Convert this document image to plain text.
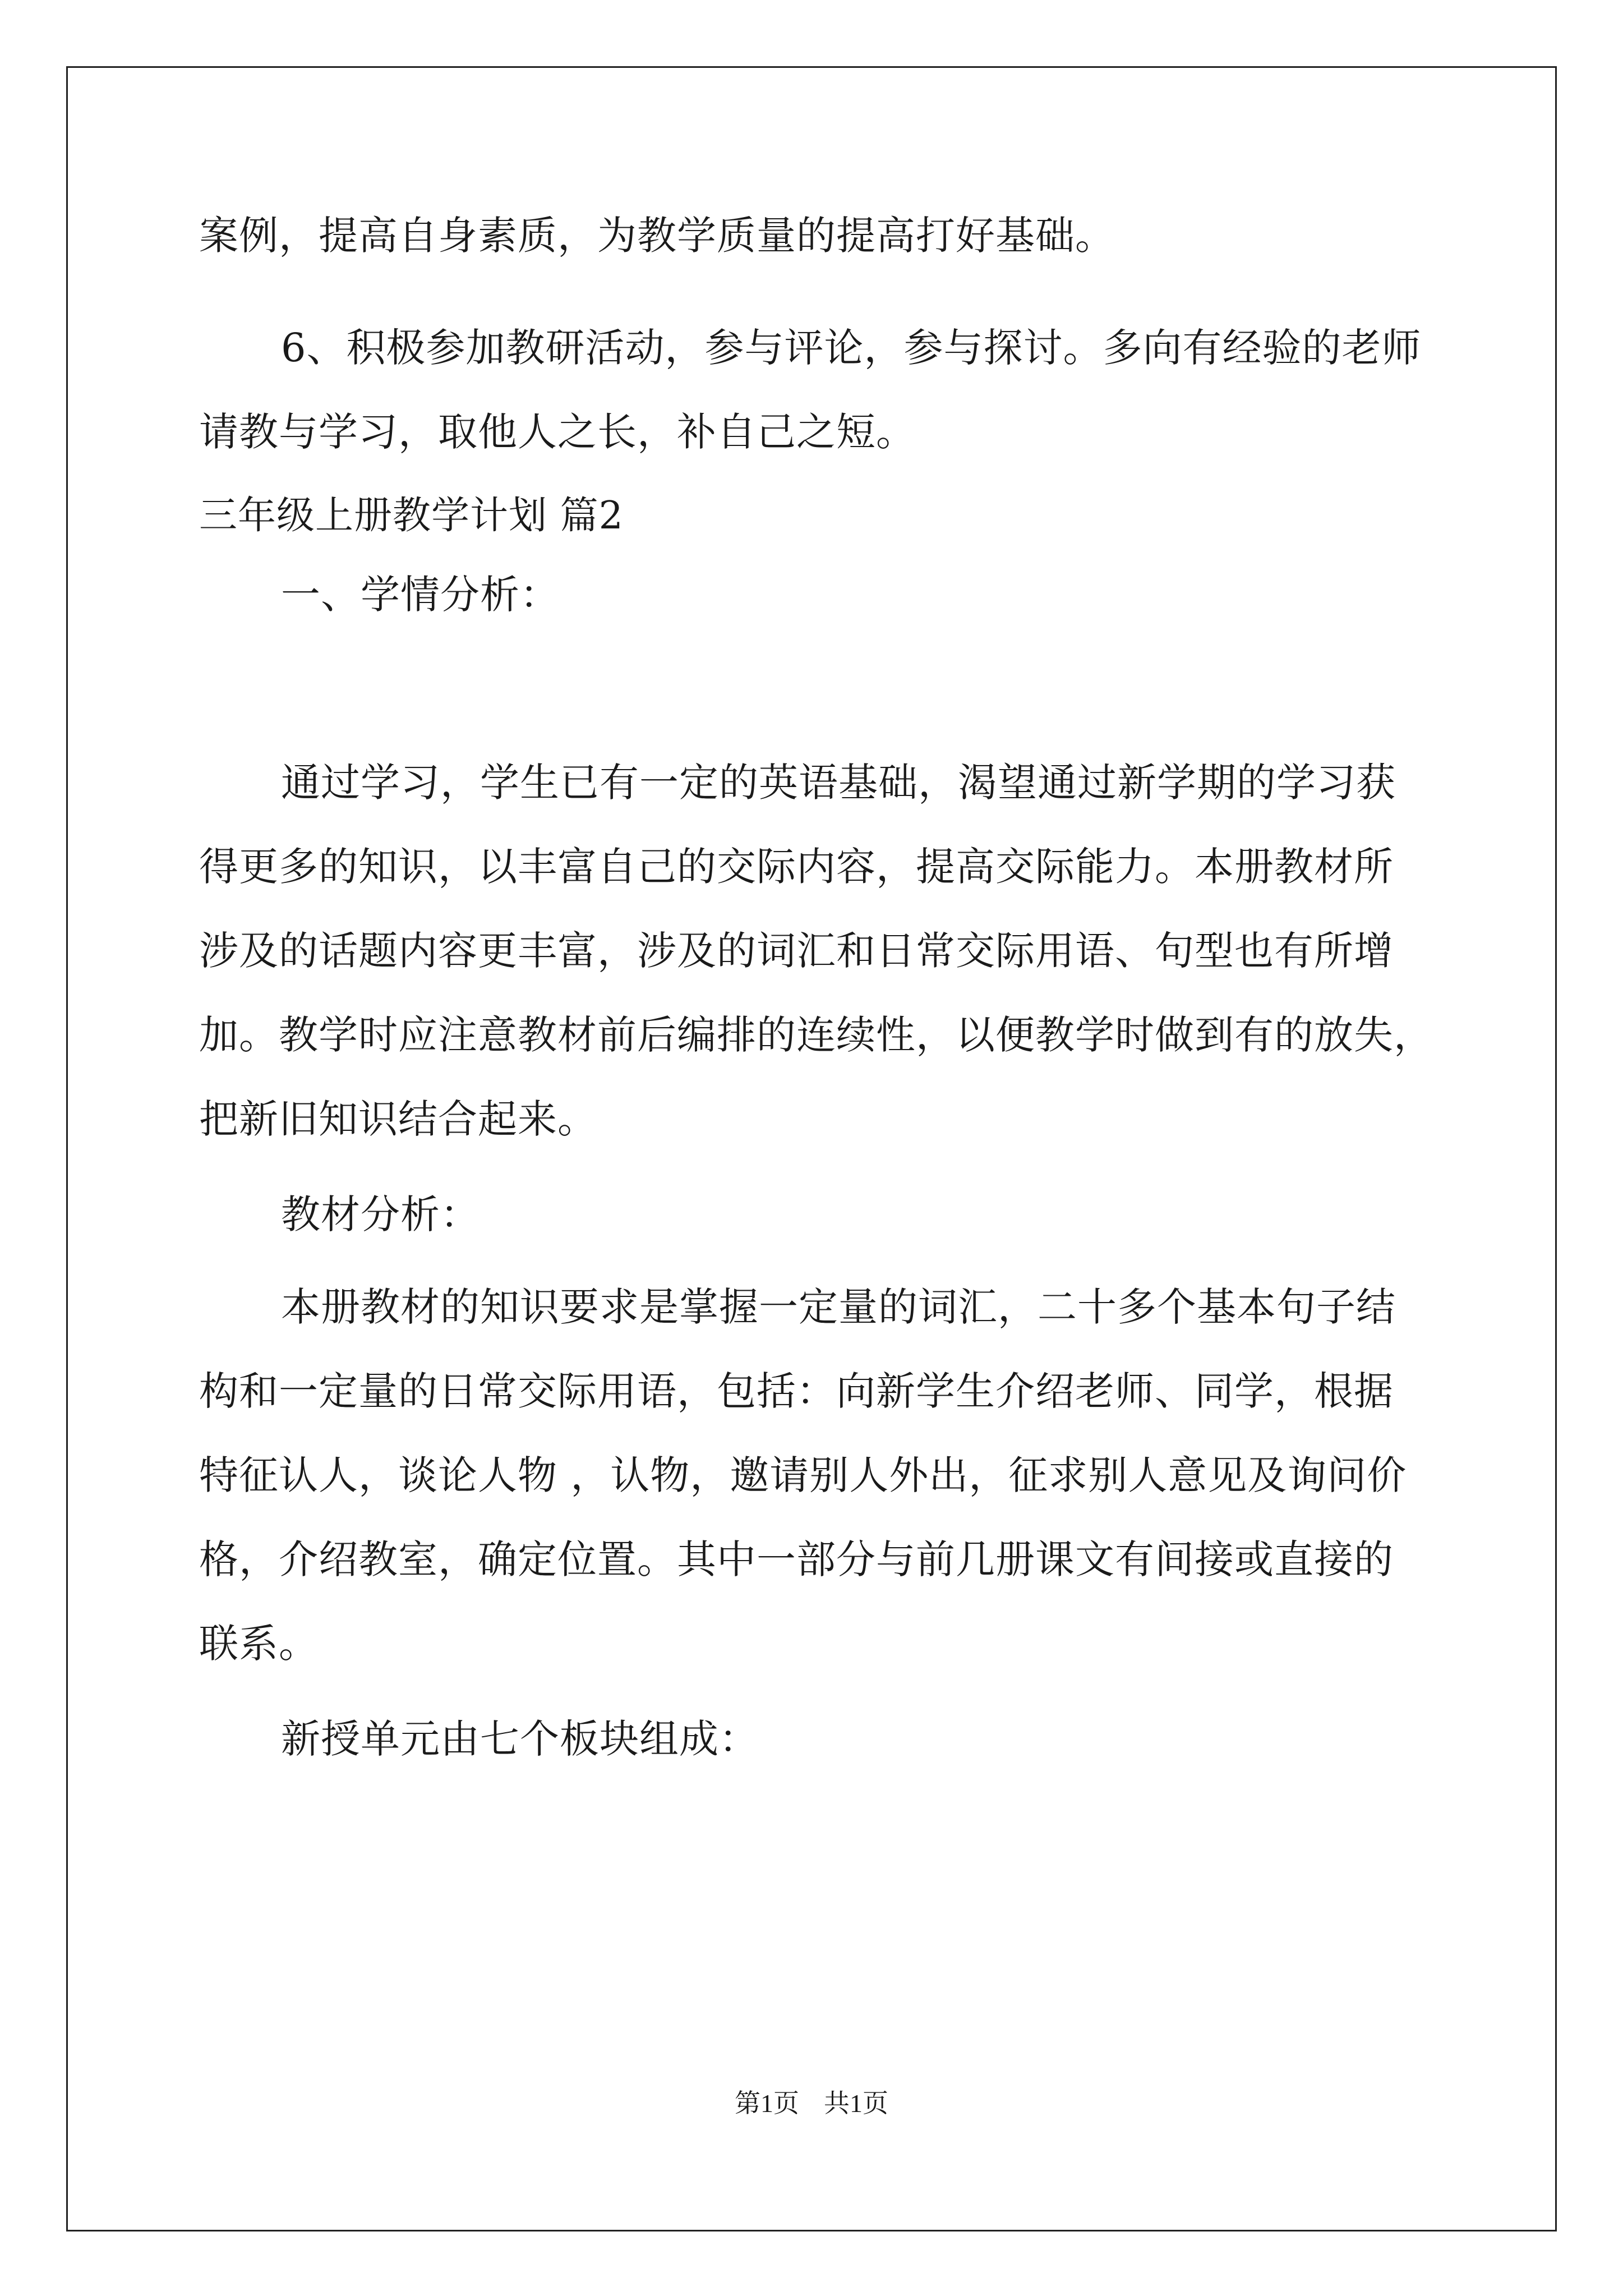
案例，提高自身素质，为教学质量的提高打好基础。
6、积极参加教研活动，参与评论，参与探讨。多向有经验的老师
请教与学习，取他人之长，补自己之短。
三年级上册教学计划 篇2
一、学情分析：
通过学习，学生已有一定的英语基础，渴望通过新学期的学习获
得更多的知识，以丰富自己的交际内容，提高交际能力。本册教材所
涉及的话题内容更丰富，涉及的词汇和日常交际用语、句型也有所增
加。教学时应注意教材前后编排的连续性，以便教学时做到有的放失，
把新旧知识结合起来。
教材分析：
本册教材的知识要求是掌握一定量的词汇，二十多个基本句子结
构和一定量的日常交际用语，包括：向新学生介绍老师、同学，根据
特征认人，谈论人物 ，认物，邀请别人外出，征求别人意见及询问价
格，介绍教室，确定位置。其中一部分与前几册课文有间接或直接的
联系。
新授单元由七个板块组成：
第1页 共1页
